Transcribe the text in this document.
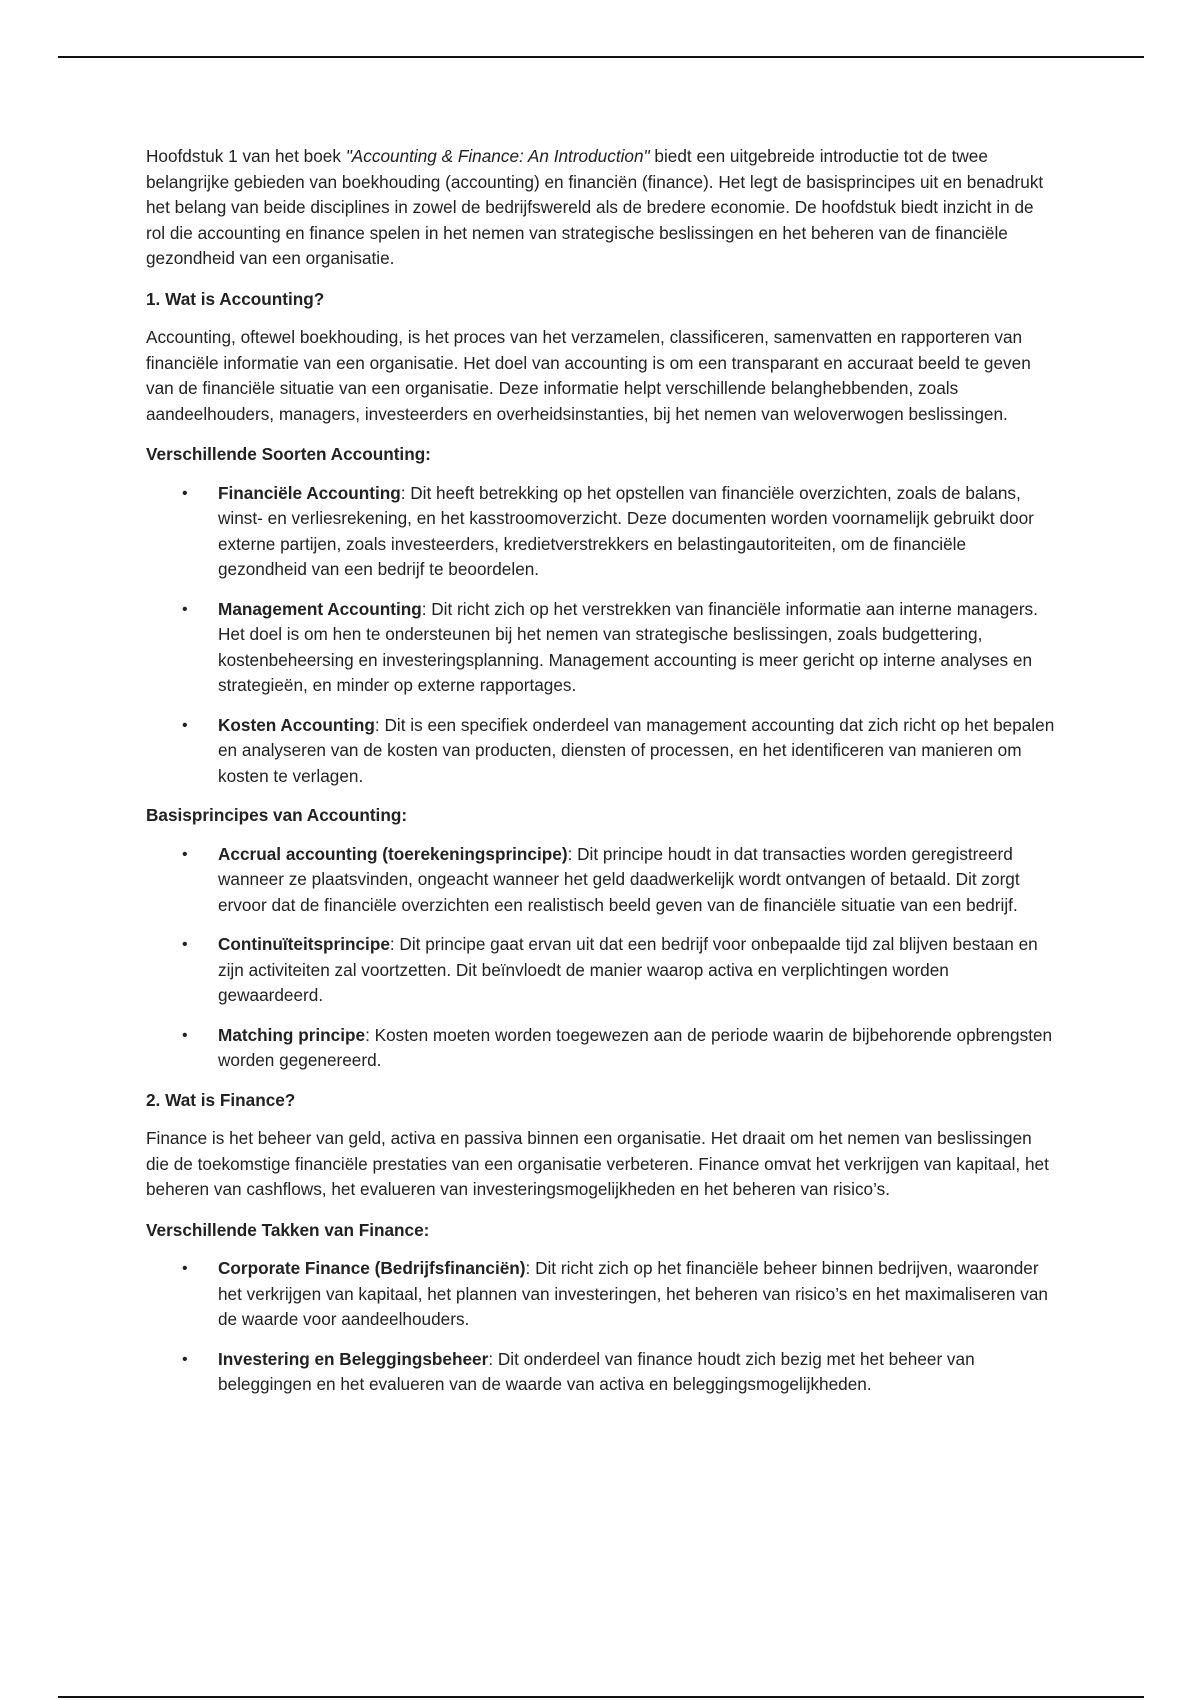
Hoofdstuk 1 van het boek "Accounting & Finance: An Introduction" biedt een uitgebreide introductie tot de twee belangrijke gebieden van boekhouding (accounting) en financiën (finance). Het legt de basisprincipes uit en benadrukt het belang van beide disciplines in zowel de bedrijfswereld als de bredere economie. De hoofdstuk biedt inzicht in de rol die accounting en finance spelen in het nemen van strategische beslissingen en het beheren van de financiële gezondheid van een organisatie.

1. Wat is Accounting?

Accounting, oftewel boekhouding, is het proces van het verzamelen, classificeren, samenvatten en rapporteren van financiële informatie van een organisatie. Het doel van accounting is om een transparant en accuraat beeld te geven van de financiële situatie van een organisatie. Deze informatie helpt verschillende belanghebbenden, zoals aandeelhouders, managers, investeerders en overheidsinstanties, bij het nemen van weloverwogen beslissingen.

Verschillende Soorten Accounting:

• Financiële Accounting: Dit heeft betrekking op het opstellen van financiële overzichten, zoals de balans, winst- en verliesrekening, en het kasstroomoverzicht. Deze documenten worden voornamelijk gebruikt door externe partijen, zoals investeerders, kredietverstrekkers en belastingautoriteiten, om de financiële gezondheid van een bedrijf te beoordelen.
• Management Accounting: Dit richt zich op het verstrekken van financiële informatie aan interne managers. Het doel is om hen te ondersteunen bij het nemen van strategische beslissingen, zoals budgettering, kostenbeheersing en investeringsplanning. Management accounting is meer gericht op interne analyses en strategieën, en minder op externe rapportages.
• Kosten Accounting: Dit is een specifiek onderdeel van management accounting dat zich richt op het bepalen en analyseren van de kosten van producten, diensten of processen, en het identificeren van manieren om kosten te verlagen.

Basisprincipes van Accounting:

• Accrual accounting (toerekeningsprincipe): Dit principe houdt in dat transacties worden geregistreerd wanneer ze plaatsvinden, ongeacht wanneer het geld daadwerkelijk wordt ontvangen of betaald. Dit zorgt ervoor dat de financiële overzichten een realistisch beeld geven van de financiële situatie van een bedrijf.
• Continuïteitsprincipe: Dit principe gaat ervan uit dat een bedrijf voor onbepaalde tijd zal blijven bestaan en zijn activiteiten zal voortzetten. Dit beïnvloedt de manier waarop activa en verplichtingen worden gewaardeerd.
• Matching principe: Kosten moeten worden toegewezen aan de periode waarin de bijbehorende opbrengsten worden gegenereerd.

2. Wat is Finance?

Finance is het beheer van geld, activa en passiva binnen een organisatie. Het draait om het nemen van beslissingen die de toekomstige financiële prestaties van een organisatie verbeteren. Finance omvat het verkrijgen van kapitaal, het beheren van cashflows, het evalueren van investeringsmogelijkheden en het beheren van risico’s.

Verschillende Takken van Finance:

• Corporate Finance (Bedrijfsfinanciën): Dit richt zich op het financiële beheer binnen bedrijven, waaronder het verkrijgen van kapitaal, het plannen van investeringen, het beheren van risico’s en het maximaliseren van de waarde voor aandeelhouders.
• Investering en Beleggingsbeheer: Dit onderdeel van finance houdt zich bezig met het beheer van beleggingen en het evalueren van de waarde van activa en beleggingsmogelijkheden.
